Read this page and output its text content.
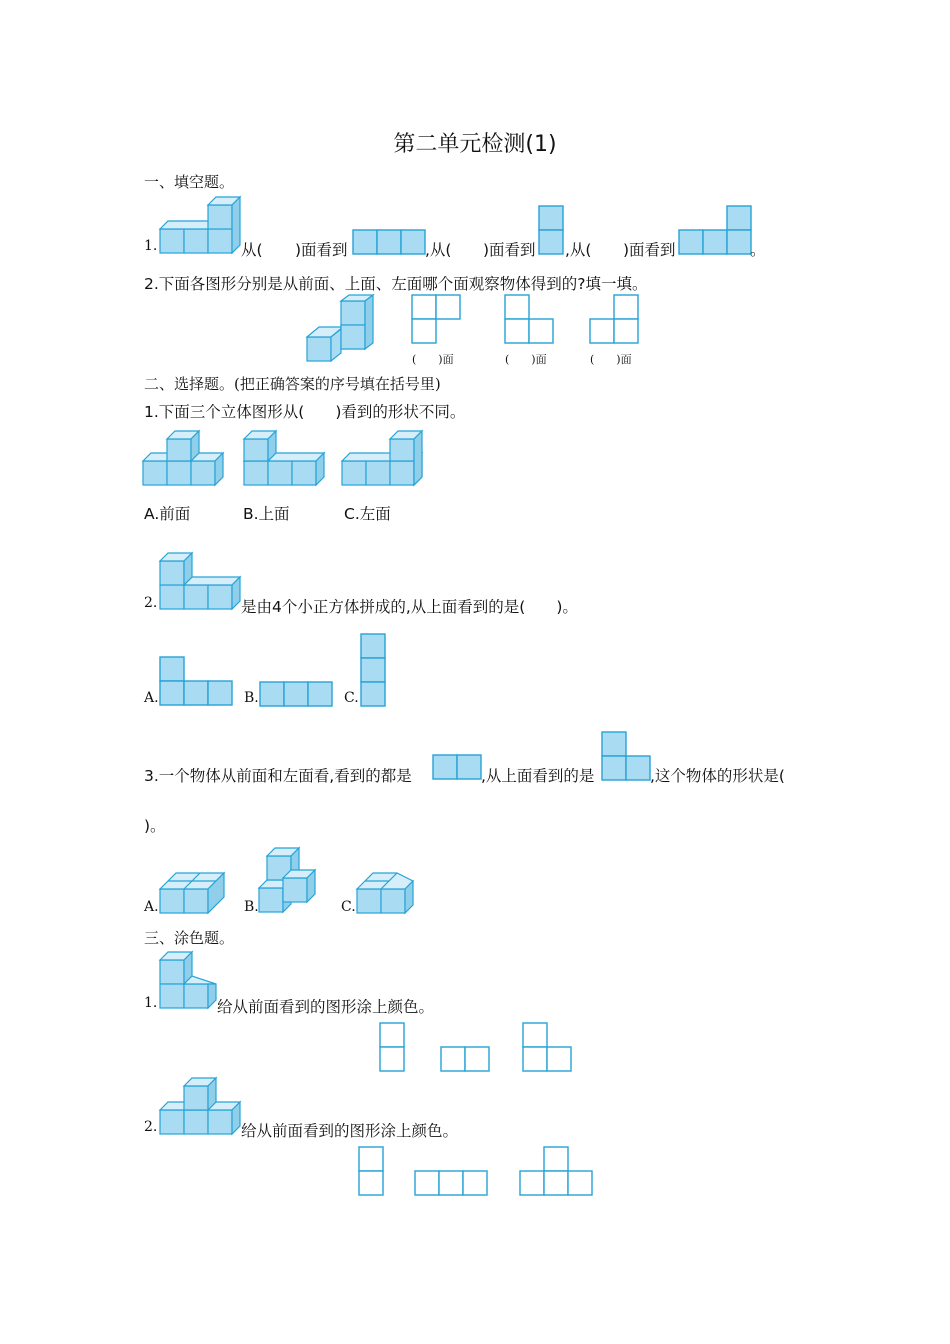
第二单元检测(1)
一、填空题。
1.	从( )面看到	,从( )面看到 ,从( )面看到	。
2.下面各图形分别是从前面、上面、左面哪个面观察物体得到的?填一填。
(　　)面	(　　)面	(　　)面
二、选择题。(把正确答案的序号填在括号里)
1.下面三个立体图形从(　　)看到的形状不同。
A.前面	B.上面	C.左面
2.	是由4个小正方体拼成的,从上面看到的是(　　)。
A.	B.	C.
3.一个物体从前面和左面看,看到的都是	,从上面看到的是	,这个物体的形状是(
)。
A.	B.	C.
三、涂色题。
1.	给从前面看到的图形涂上颜色。
2.	给从前面看到的图形涂上颜色。
